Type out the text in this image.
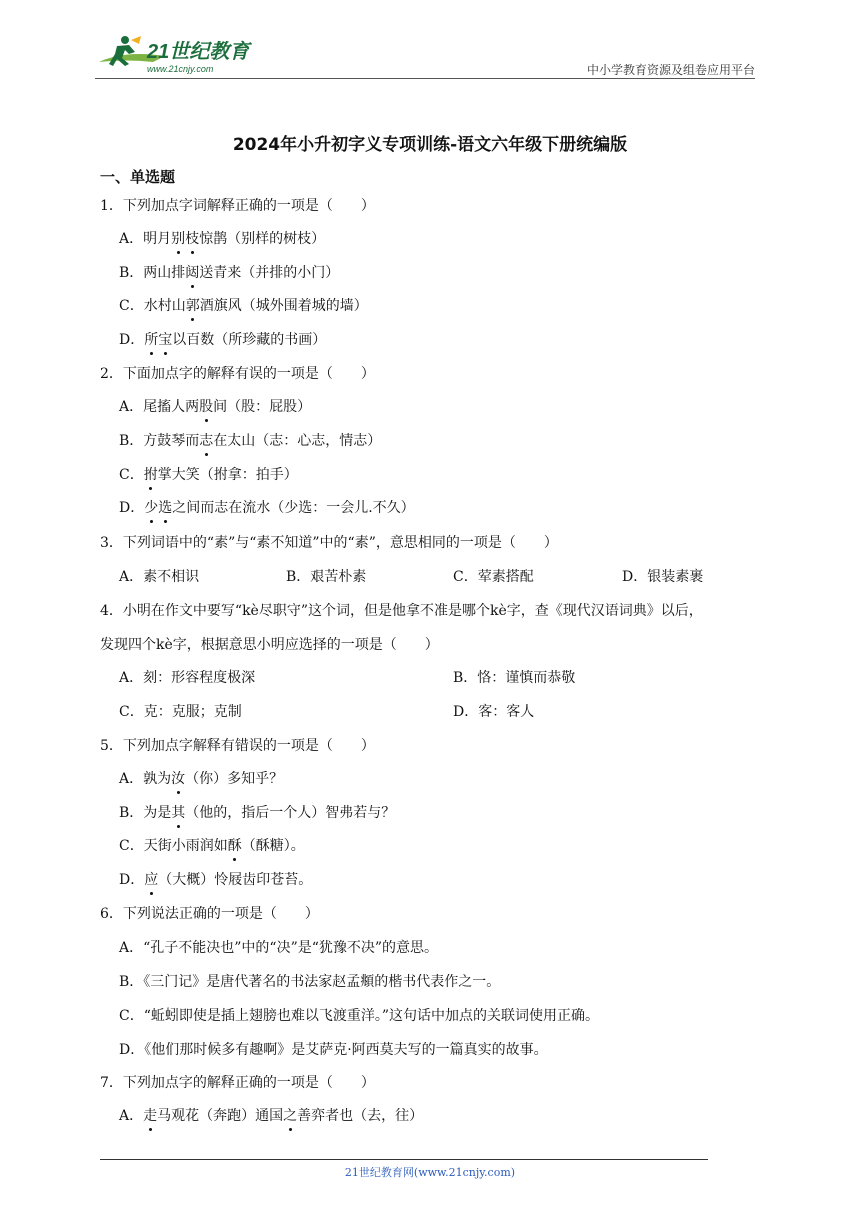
21世纪教育
www.21cnjy.com	中小学教育资源及组卷应用平台
2024年小升初字义专项训练-语文六年级下册统编版
一、单选题
1．下列加点字词解释正确的一项是（　　）
A．明月别枝惊鹊（别样的树枝）
B．两山排闼送青来（并排的小门）
C．水村山郭酒旗风（城外围着城的墙）
D．所宝以百数（所珍藏的书画）
2．下面加点字的解释有误的一项是（　　）
A．尾搐人两股间（股：屁股）
B．方鼓琴而志在太山（志：心志，情志）
C．拊掌大笑（拊拿：拍手）
D．少选之间而志在流水（少选：一会儿.不久）
3．下列词语中的“素”与“素不知道”中的“素”，意思相同的一项是（　　）
A．素不相识	B．艰苦朴素	C．荤素搭配	D．银装素裹
4．小明在作文中要写“kè尽职守”这个词，但是他拿不准是哪个kè字，查《现代汉语词典》以后，
发现四个kè字，根据意思小明应选择的一项是（　　）
A．刻：形容程度极深	B．恪：谨慎而恭敬
C．克：克服；克制	D．客：客人
5．下列加点字解释有错误的一项是（　　）
A．孰为汝（你）多知乎？
B．为是其（他的，指后一个人）智弗若与？
C．天街小雨润如酥（酥糖）。
D．应（大概）怜屐齿印苍苔。
6．下列说法正确的一项是（　　）
A．“孔子不能决也”中的“决”是“犹豫不决”的意思。
B．《三门记》是唐代著名的书法家赵孟頫的楷书代表作之一。
C．“蚯蚓即使是插上翅膀也难以飞渡重洋。”这句话中加点的关联词使用正确。
D．《他们那时候多有趣啊》是艾萨克·阿西莫夫写的一篇真实的故事。
7．下列加点字的解释正确的一项是（　　）
A．走马观花（奔跑）通国之善弈者也（去，往）
21世纪教育网(www.21cnjy.com)
